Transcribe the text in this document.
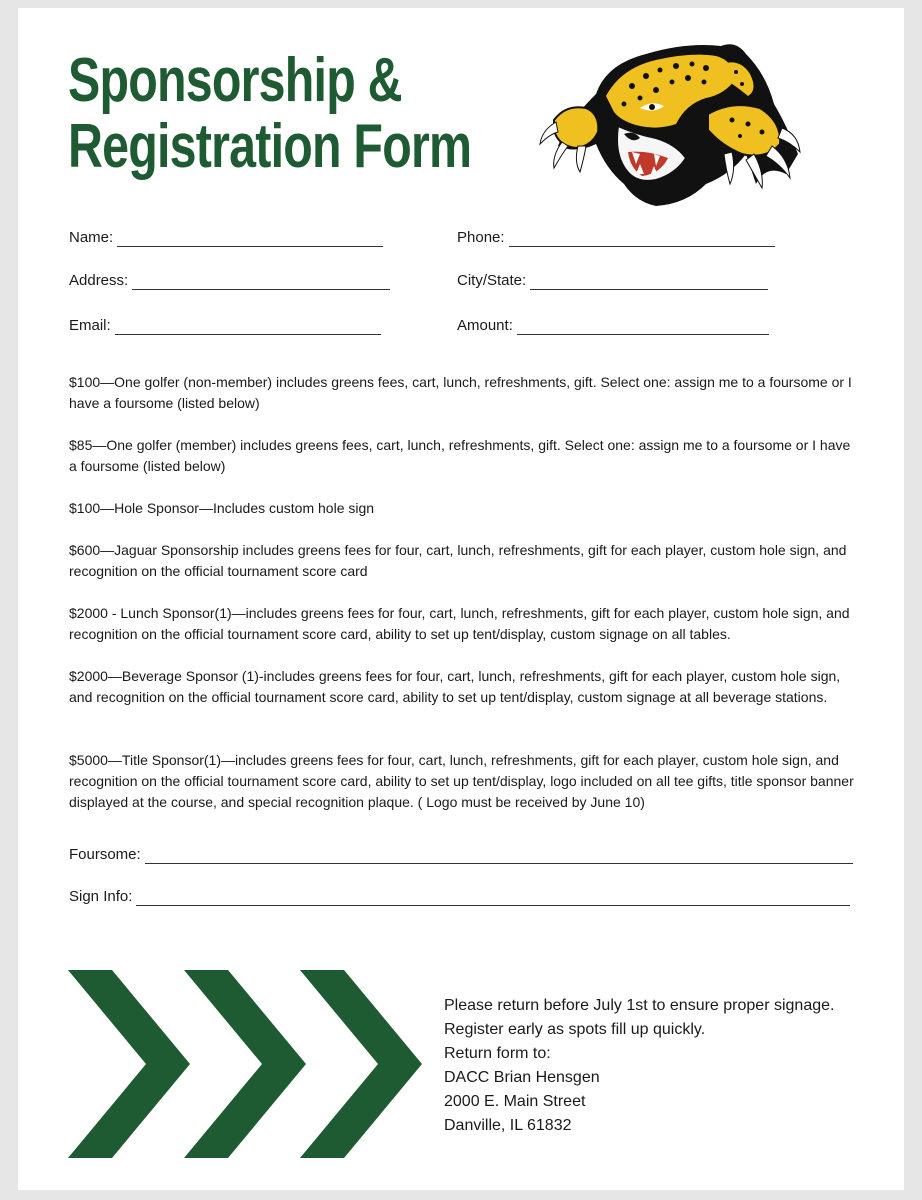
Sponsorship &
Registration Form
Name:	Phone:
Address:	City/State:
Email:	Amount:

$100—One golfer (non-member) includes greens fees, cart, lunch, refreshments, gift. Select one: assign me to a foursome or I have a foursome (listed below)

$85—One golfer (member) includes greens fees, cart, lunch, refreshments, gift. Select one: assign me to a foursome or I have a foursome (listed below)

$100—Hole Sponsor—Includes custom hole sign

$600—Jaguar Sponsorship includes greens fees for four, cart, lunch, refreshments, gift for each player, custom hole sign, and recognition on the official tournament score card

$2000 - Lunch Sponsor(1)—includes greens fees for four, cart, lunch, refreshments, gift for each player, custom hole sign, and recognition on the official tournament score card, ability to set up tent/display, custom signage on all tables.

$2000—Beverage Sponsor (1)-includes greens fees for four, cart, lunch, refreshments, gift for each player, custom hole sign, and recognition on the official tournament score card, ability to set up tent/display, custom signage at all beverage stations.

$5000—Title Sponsor(1)—includes greens fees for four, cart, lunch, refreshments, gift for each player, custom hole sign, and recognition on the official tournament score card, ability to set up tent/display, logo included on all tee gifts, title sponsor banner displayed at the course, and special recognition plaque. ( Logo must be received by June 10)

Foursome:
Sign Info:
Please return before July 1st to ensure proper signage.
Register early as spots fill up quickly.
Return form to:
DACC Brian Hensgen
2000 E. Main Street
Danville, IL 61832
